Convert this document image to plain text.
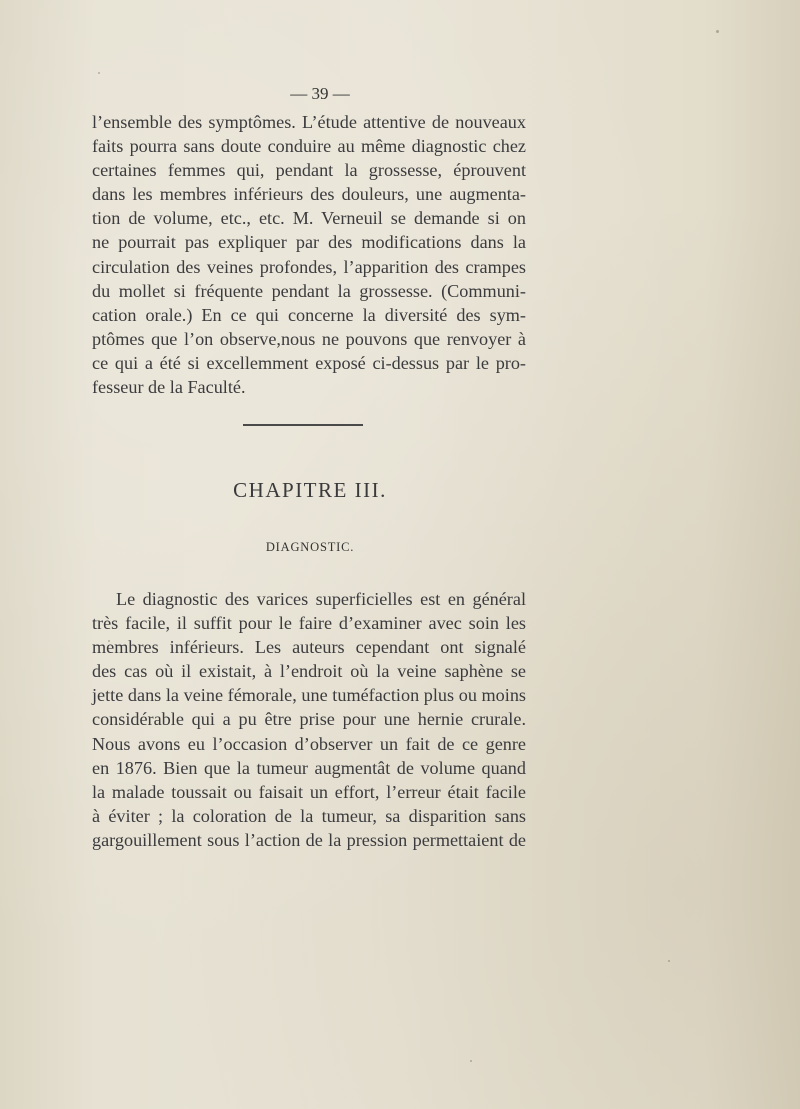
— 39 —
l’ensemble des symptômes. L’étude attentive de nouveaux
faits pourra sans doute conduire au même diagnostic chez
certaines femmes qui, pendant la grossesse, éprouvent
dans les membres inférieurs des douleurs, une augmenta-
tion de volume, etc., etc. M. Verneuil se demande si on
ne pourrait pas expliquer par des modifications dans la
circulation des veines profondes, l’apparition des crampes
du mollet si fréquente pendant la grossesse. (Communi-
cation orale.) En ce qui concerne la diversité des sym-
ptômes que l’on observe,nous ne pouvons que renvoyer à
ce qui a été si excellemment exposé ci-dessus par le pro-
fesseur de la Faculté.
CHAPITRE III.
DIAGNOSTIC.
Le diagnostic des varices superficielles est en général
très facile, il suffit pour le faire d’examiner avec soin les
membres inférieurs. Les auteurs cependant ont signalé
des cas où il existait, à l’endroit où la veine saphène se
jette dans la veine fémorale, une tuméfaction plus ou moins
considérable qui a pu être prise pour une hernie crurale.
Nous avons eu l’occasion d’observer un fait de ce genre
en 1876. Bien que la tumeur augmentât de volume quand
la malade toussait ou faisait un effort, l’erreur était facile
à éviter ; la coloration de la tumeur, sa disparition sans
gargouillement sous l’action de la pression permettaient de
